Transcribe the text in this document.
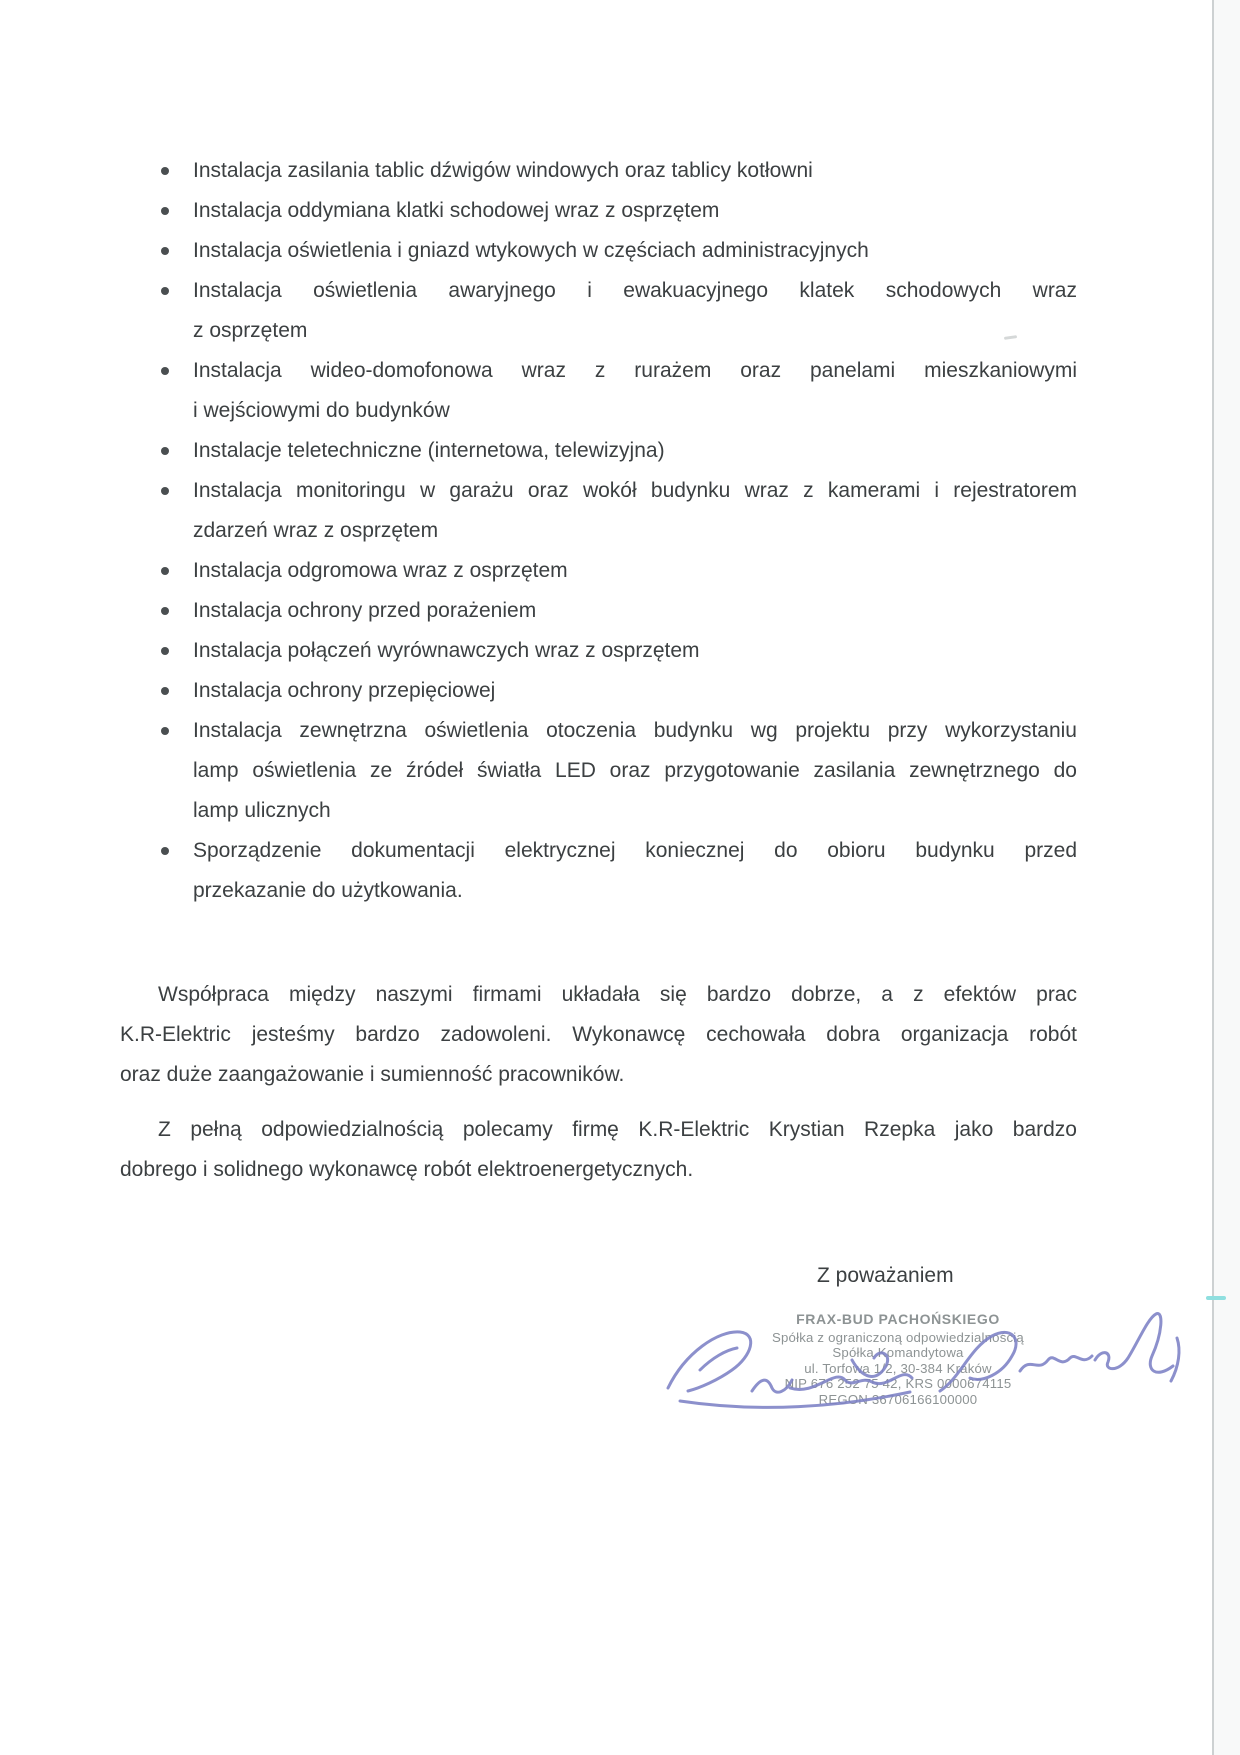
Instalacja zasilania tablic dźwigów windowych oraz tablicy kotłowni
Instalacja oddymiana klatki schodowej wraz z osprzętem
Instalacja oświetlenia i gniazd wtykowych w częściach administracyjnych
Instalacja oświetlenia awaryjnego i ewakuacyjnego klatek schodowych wraz
z osprzętem
Instalacja wideo-domofonowa wraz z rurażem oraz panelami mieszkaniowymi
i wejściowymi do budynków
Instalacje teletechniczne (internetowa, telewizyjna)
Instalacja monitoringu w garażu oraz wokół budynku wraz z kamerami i rejestratorem
zdarzeń wraz z osprzętem
Instalacja odgromowa wraz z osprzętem
Instalacja ochrony przed porażeniem
Instalacja połączeń wyrównawczych wraz z osprzętem
Instalacja ochrony przepięciowej
Instalacja zewnętrzna oświetlenia otoczenia budynku wg projektu przy wykorzystaniu
lamp oświetlenia ze źródeł światła LED oraz przygotowanie zasilania zewnętrznego do
lamp ulicznych
Sporządzenie dokumentacji elektrycznej koniecznej do obioru budynku przed
przekazanie do użytkowania.
Współpraca między naszymi firmami układała się bardzo dobrze, a z efektów prac
K.R-Elektric jesteśmy bardzo zadowoleni. Wykonawcę cechowała dobra organizacja robót
oraz duże zaangażowanie i sumienność pracowników.
Z pełną odpowiedzialnością polecamy firmę K.R-Elektric Krystian Rzepka jako bardzo
dobrego i solidnego wykonawcę robót elektroenergetycznych.
Z poważaniem
FRAX-BUD PACHOŃSKIEGO
Spółka z ograniczoną odpowiedzialnością
Spółka Komandytowa
ul. Torfowa 1/2, 30-384 Kraków
NIP 676 252 75 42, KRS 0000674115
REGON 36706166100000
